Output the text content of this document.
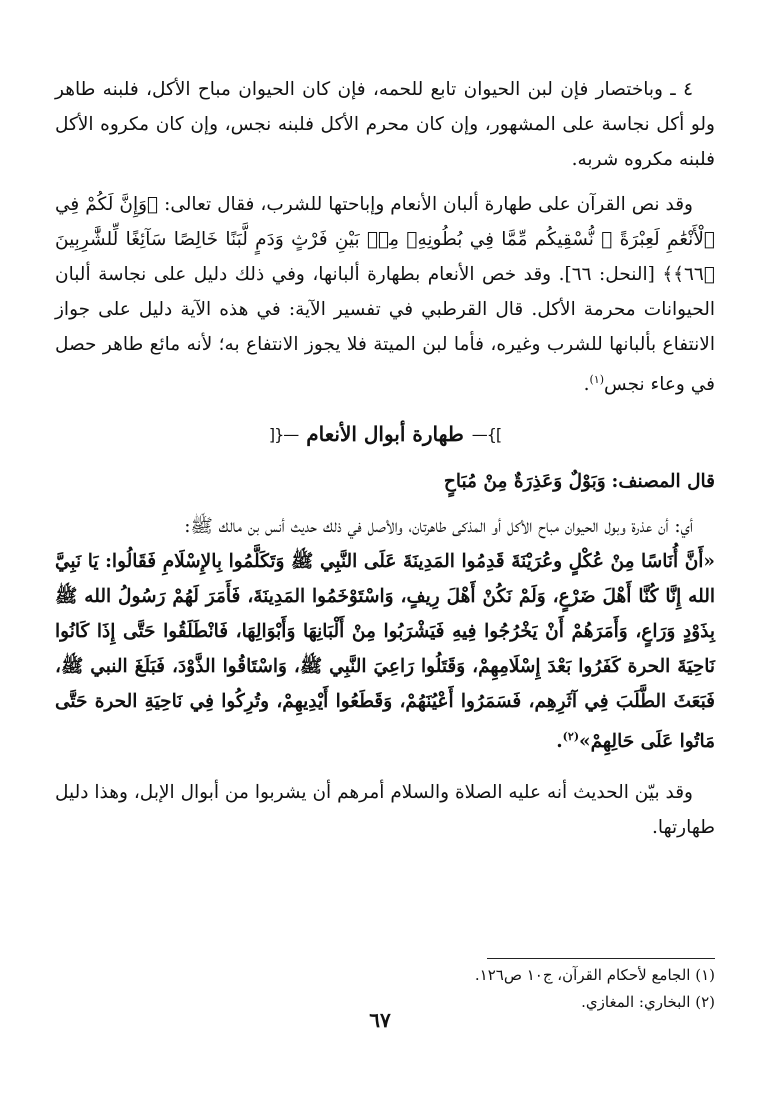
٤ ـ وباختصار فإن لبن الحيوان تابع للحمه، فإن كان الحيوان مباح الأكل، فلبنه طاهر ولو أكل نجاسة على المشهور، وإن كان محرم الأكل فلبنه نجس، وإن كان مكروه الأكل فلبنه مكروه شربه.

وقد نص القرآن على طهارة ألبان الأنعام وإباحتها للشرب، فقال تعالى: ﴿وَإِنَّ لَكُمْ فِي ٱلْأَنْعَٰمِ لَعِبْرَةً ۖ نُّسْقِيكُم مِّمَّا فِي بُطُونِهِۦ مِنۢ بَيْنِ فَرْثٍ وَدَمٍ لَّبَنًا خَالِصًا سَآئِغًا لِّلشَّٰرِبِينَ ﴿٦٦﴾﴾ [النحل: ٦٦]. وقد خص الأنعام بطهارة ألبانها، وفي ذلك دليل على نجاسة ألبان الحيوانات محرمة الأكل. قال القرطبي في تفسير الآية: في هذه الآية دليل على جواز الانتفاع بألبانها للشرب وغيره، فأما لبن الميتة فلا يجوز الانتفاع به؛ لأنه مائع طاهر حصل في وعاء نجس$^{(١)}$.

—{[
طهارة أبوال الأنعام
]}—

قال المصنف: وَبَوْلٌ وَعَذِرَةٌ مِنْ مُبَاحٍ

أي: أن عذرة وبول الحيوان مباح الأكل أو المذكى طاهرتان، والأصل في ذلك حديث أنس بن مالك ﷺ:

«أَنَّ أُنَاسًا مِنْ عُكْلٍ وعُرَيْنَةَ قَدِمُوا المَدِينَةَ عَلَى النَّبِي ﷺ وَتَكَلَّمُوا بِالإِسْلَامِ فَقَالُوا: يَا نَبِيَّ الله إِنَّا كُنَّا أَهْلَ ضَرْعٍ، وَلَمْ نَكُنْ أَهْلَ رِيفٍ، وَاسْتَوْخَمُوا المَدِينَةَ، فَأَمَرَ لَهُمْ رَسُولُ الله ﷺ بِذَوْدٍ وَرَاعٍ، وَأَمَرَهُمْ أَنْ يَخْرُجُوا فِيهِ فَيَشْرَبُوا مِنْ أَلْبَانِهَا وَأَبْوَالِهَا، فَانْطَلَقُوا حَتَّى إِذَا كَانُوا نَاحِيَةَ الحرة كَفَرُوا بَعْدَ إِسْلَامِهِمْ، وَقَتَلُوا رَاعِيَ النَّبِي ﷺ، وَاسْتَاقُوا الذَّوْدَ، فَبَلَغَ النبي ﷺ، فَبَعَثَ الطَّلَبَ فِي آثَرِهِم، فَسَمَرُوا أَعْيُنَهُمْ، وَقَطَعُوا أَيْدِيهِمْ، وتُرِكُوا فِي نَاحِيَةِ الحرة حَتَّى مَاتُوا عَلَى حَالِهِمْ»$^{(٢)}$.

وقد بيّن الحديث أنه عليه الصلاة والسلام أمرهم أن يشربوا من أبوال الإبل، وهذا دليل طهارتها.

(١) الجامع لأحكام القرآن، ج١٠ ص١٢٦.
(٢) البخاري: المغازي.
٦٧
